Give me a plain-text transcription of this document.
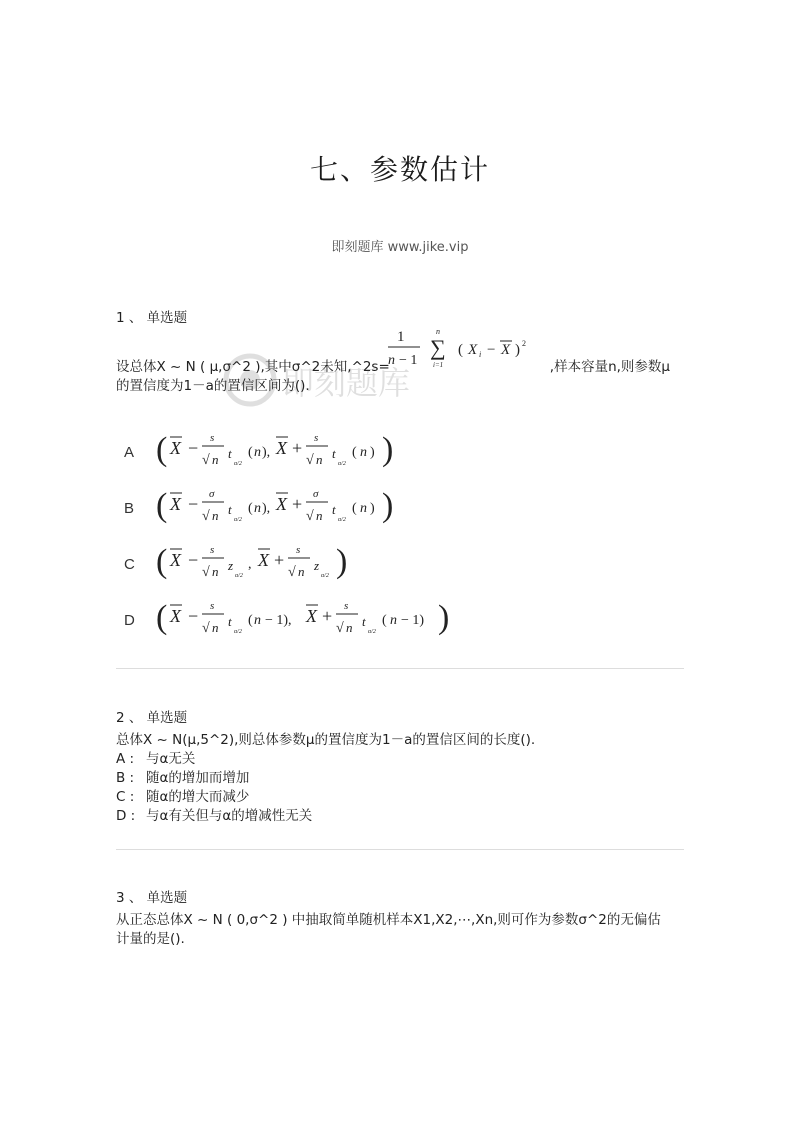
七、参数估计
即刻题库 www.jike.vip
1 、 单选题
1
n − 1
n
∑
i=1
( X i − X ) 2
设总体X ~ N ( μ,σ^2 ),其中σ^2未知,^2s=	,样本容量n,则参数μ
的置信度为1－a的置信区间为().
即刻题库
A ( X − s
√ n t
α/2
( n ), X + s
√ n t
α/2
( n ) )
B ( X − σ
√ n t
α/2
( n ), X + σ
√ n t
α/2
( n ) )
C ( X − s
√ n z
α/2
, X + s
√ n z
α/2 )
D ( X − s
√ n t
α/2
( n − 1), X + s
√ n t
α/2
( n − 1) )
2 、 单选题
总体X ~ N(μ,5^2),则总体参数μ的置信度为1－a的置信区间的长度().
A : 与α无关
B : 随α的增加而增加
C : 随α的增大而减少
D : 与α有关但与α的增减性无关
3 、 单选题
从正态总体X ~ N ( 0,σ^2 ) 中抽取简单随机样本X1,X2,⋯,Xn,则可作为参数σ^2的无偏估
计量的是().
